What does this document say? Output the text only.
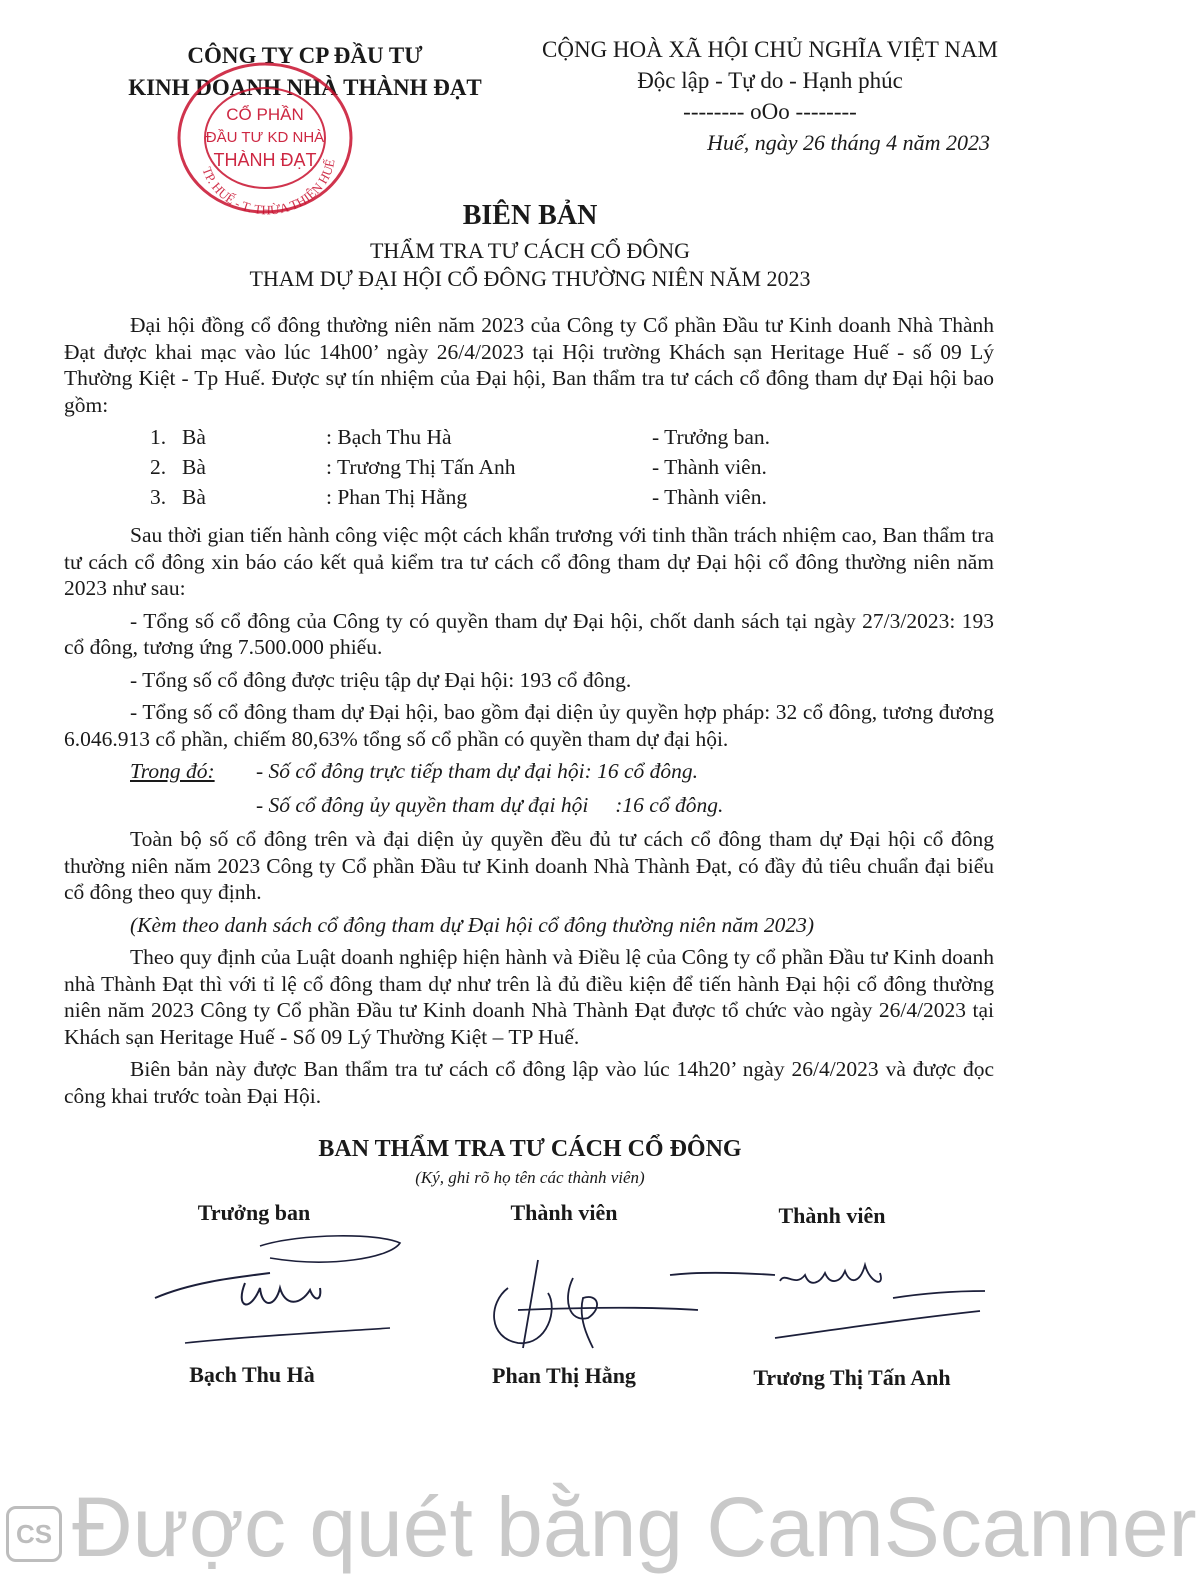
CÔNG TY CP ĐẦU TƯ
KINH DOANH NHÀ THÀNH ĐẠT
TP. HUẾ - T. THỪA THIÊN HUẾ
CỔ PHẦN
ĐẦU TƯ KD NHÀ
THÀNH ĐẠT
CỘNG HOÀ XÃ HỘI CHỦ NGHĨA VIỆT NAM
Độc lập - Tự do - Hạnh phúc
-------- oOo --------
Huế, ngày 26 tháng 4 năm 2023
BIÊN BẢN
THẨM TRA TƯ CÁCH CỔ ĐÔNG
THAM DỰ ĐẠI HỘI CỔ ĐÔNG THƯỜNG NIÊN NĂM 2023

Đại hội đồng cổ đông thường niên năm 2023 của Công ty Cổ phần Đầu tư Kinh doanh Nhà Thành Đạt được khai mạc vào lúc 14h00’ ngày 26/4/2023 tại Hội trường Khách sạn Heritage Huế - số 09 Lý Thường Kiệt - Tp Huế. Được sự tín nhiệm của Đại hội, Ban thẩm tra tư cách cổ đông tham dự Đại hội bao gồm:

1. Bà	: Bạch Thu Hà	- Trưởng ban.
2. Bà	: Trương Thị Tấn Anh	- Thành viên.
3. Bà	: Phan Thị Hằng	- Thành viên.

Sau thời gian tiến hành công việc một cách khẩn trương với tinh thần trách nhiệm cao, Ban thẩm tra tư cách cổ đông xin báo cáo kết quả kiểm tra tư cách cổ đông tham dự Đại hội cổ đông thường niên năm 2023 như sau:

- Tổng số cổ đông của Công ty có quyền tham dự Đại hội, chốt danh sách tại ngày 27/3/2023: 193 cổ đông, tương ứng 7.500.000 phiếu.

- Tổng số cổ đông được triệu tập dự Đại hội: 193 cổ đông.

- Tổng số cổ đông tham dự Đại hội, bao gồm đại diện ủy quyền hợp pháp: 32 cổ đông, tương đương 6.046.913 cổ phần, chiếm 80,63% tổng số cổ phần có quyền tham dự đại hội.

Trong đó: - Số cổ đông trực tiếp tham dự đại hội: 16 cổ đông.
- Số cổ đông ủy quyền tham dự đại hội     :16 cổ đông.

Toàn bộ số cổ đông trên và đại diện ủy quyền đều đủ tư cách cổ đông tham dự Đại hội cổ đông thường niên năm 2023 Công ty Cổ phần Đầu tư Kinh doanh Nhà Thành Đạt, có đầy đủ tiêu chuẩn đại biểu cổ đông theo quy định.

(Kèm theo danh sách cổ đông tham dự Đại hội cổ đông thường niên năm 2023)

Theo quy định của Luật doanh nghiệp hiện hành và Điều lệ của Công ty cổ phần Đầu tư Kinh doanh nhà Thành Đạt thì với tỉ lệ cổ đông tham dự như trên là đủ điều kiện để tiến hành Đại hội cổ đông thường niên năm 2023 Công ty Cổ phần Đầu tư Kinh doanh Nhà Thành Đạt được tổ chức vào ngày 26/4/2023 tại Khách sạn Heritage Huế - Số 09 Lý Thường Kiệt – TP Huế.

Biên bản này được Ban thẩm tra tư cách cổ đông lập vào lúc 14h20’ ngày 26/4/2023 và được đọc công khai trước toàn Đại Hội.

BAN THẨM TRA TƯ CÁCH CỔ ĐÔNG
(Ký, ghi rõ họ tên các thành viên)
Trưởng ban	Thành viên	Thành viên
Bạch Thu Hà	Phan Thị Hằng	Trương Thị Tấn Anh
CS Được quét bằng CamScanner
